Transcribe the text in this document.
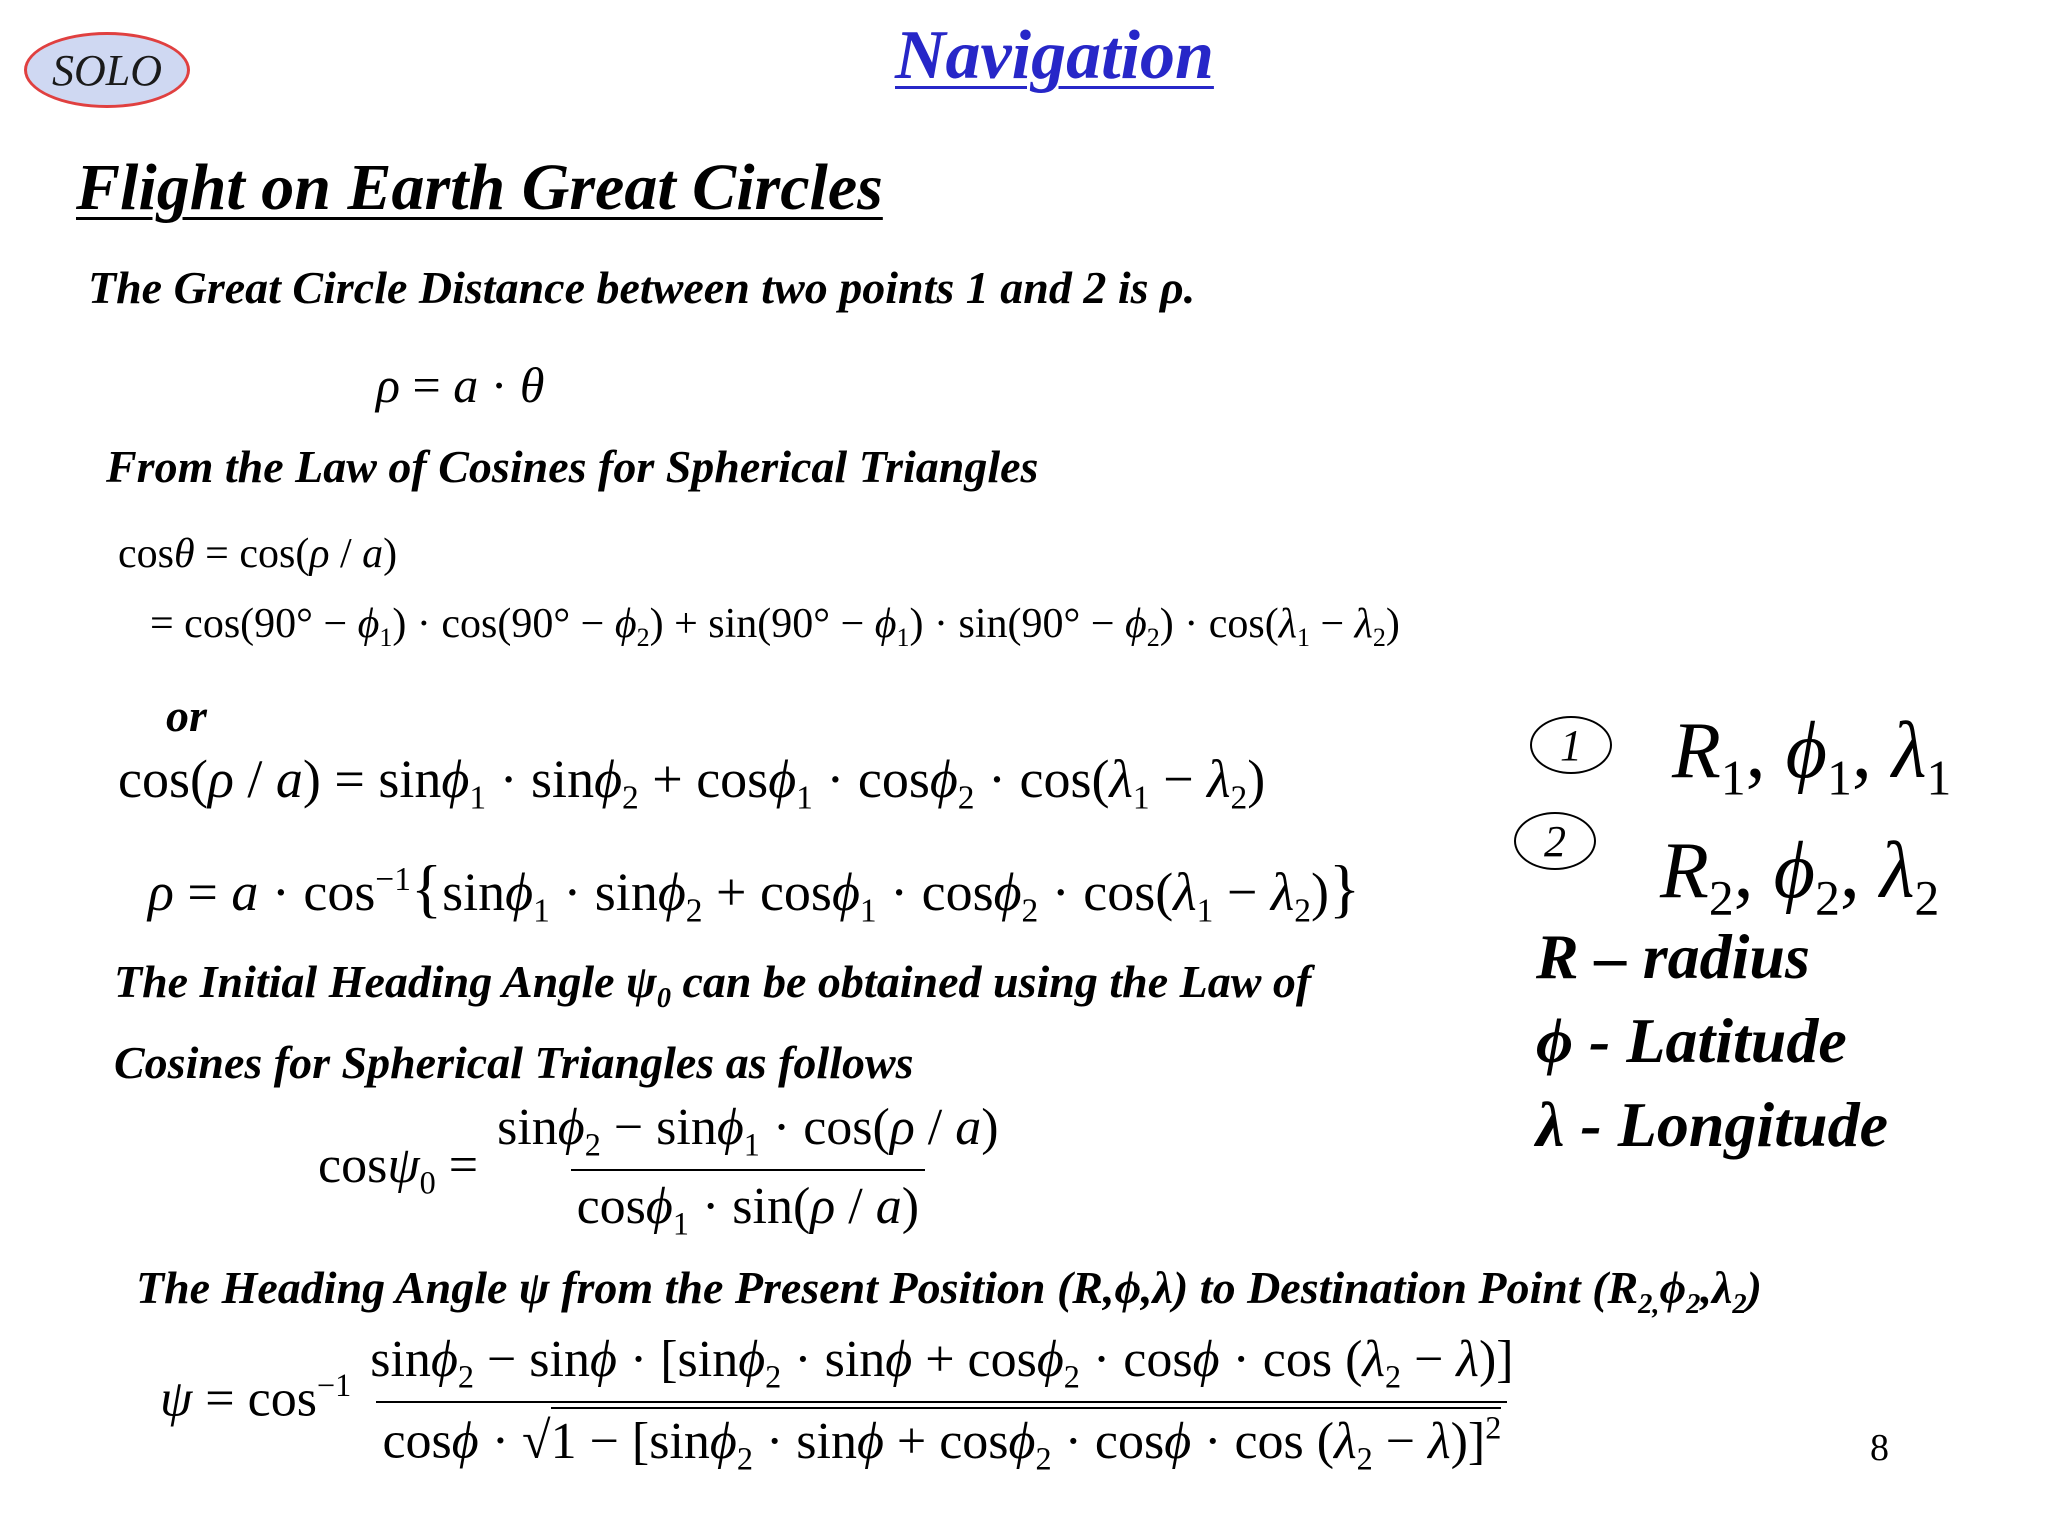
SOLO	Navigation
Flight on Earth Great Circles
The Great Circle Distance between two points 1 and 2 is ρ.
ρ = a · θ
From the Law of Cosines for Spherical Triangles
cosθ = cos(ρ / a)
= $\cos(90^\circ - \phi_1) \cdot \cos(90^\circ - \phi_2) + \sin(90^\circ - \phi_1) \cdot \sin(90^\circ - \phi_2) \cdot \cos(\lambda_1 - \lambda_2)$
or
$\cos(\rho / a) = \sin\phi_1 \cdot \sin\phi_2 + \cos\phi_1 \cdot \cos\phi_2 \cdot \cos(\lambda_1 - \lambda_2)$
$\rho = a \cdot \cos^{-1}\{\sin\phi_1 \cdot \sin\phi_2 + \cos\phi_1 \cdot \cos\phi_2 \cdot \cos(\lambda_1 - \lambda_2)\}$
The Initial Heading Angle $\psi_0$ can be obtained using the Law of Cosines for Spherical Triangles as follows
$\cos\psi_0 = \frac{\sin\phi_2 - \sin\phi_1 \cdot \cos(\rho / a)}{\cos\phi_1 \cdot \sin(\rho / a)}$
The Heading Angle ψ from the Present Position (R,ϕ,λ) to Destination Point $(R_{2,}\phi_2,\lambda_2)$
$\psi = \cos^{-1} \frac{\sin\phi_2 - \sin\phi \cdot [\sin\phi_2 \cdot \sin\phi + \cos\phi_2 \cdot \cos\phi \cdot \cos (\lambda_2 - \lambda)]}{\cos\phi \cdot √1 - [\sin\phi_2 \cdot \sin\phi + \cos\phi_2 \cdot \cos\phi \cdot \cos (\lambda_2 - \lambda)]^2}$
1	$R_1$, $\phi_1$, $\lambda_1$
2	$R_2$, $\phi_2$, $\lambda_2$
R – radius
ϕ - Latitude
λ - Longitude
8
